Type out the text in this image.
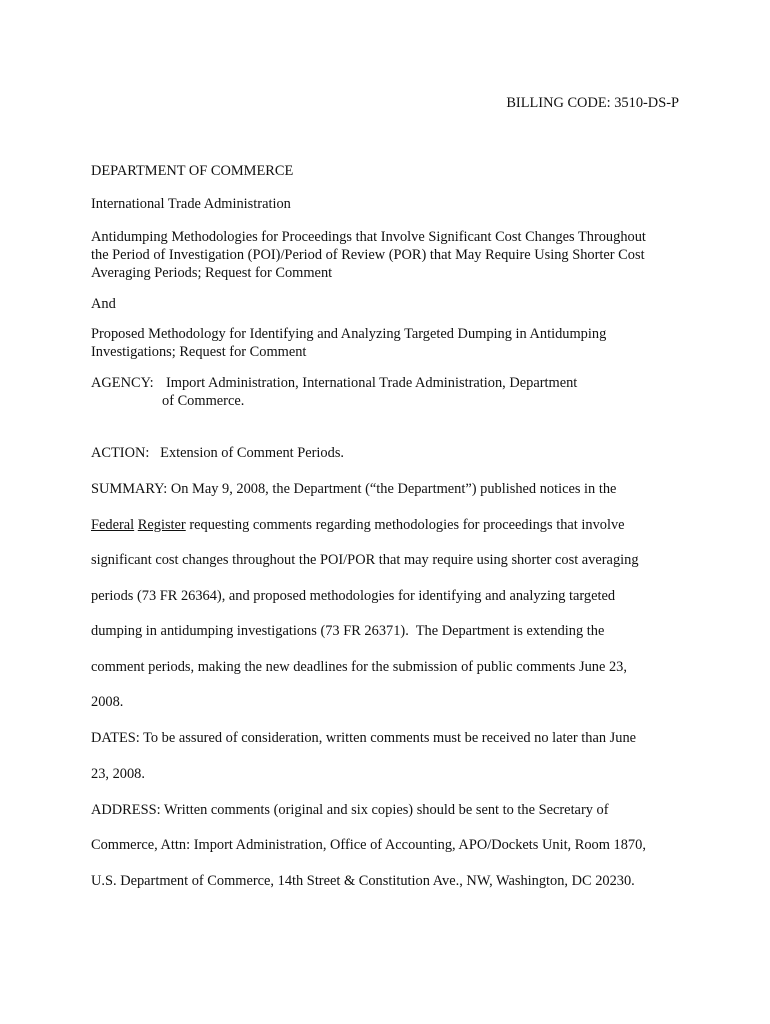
BILLING CODE: 3510-DS-P
DEPARTMENT OF COMMERCE
International Trade Administration
Antidumping Methodologies for Proceedings that Involve Significant Cost Changes Throughout
the Period of Investigation (POI)/Period of Review (POR) that May Require Using Shorter Cost
Averaging Periods; Request for Comment
And
Proposed Methodology for Identifying and Analyzing Targeted Dumping in Antidumping
Investigations; Request for Comment
AGENCY: Import Administration, International Trade Administration, Department
of Commerce.
ACTION:   Extension of Comment Periods.
SUMMARY: On May 9, 2008, the Department (“the Department”) published notices in the
Federal Register requesting comments regarding methodologies for proceedings that involve
significant cost changes throughout the POI/POR that may require using shorter cost averaging
periods (73 FR 26364), and proposed methodologies for identifying and analyzing targeted
dumping in antidumping investigations (73 FR 26371).  The Department is extending the
comment periods, making the new deadlines for the submission of public comments June 23,
2008.
DATES: To be assured of consideration, written comments must be received no later than June
23, 2008.
ADDRESS: Written comments (original and six copies) should be sent to the Secretary of
Commerce, Attn: Import Administration, Office of Accounting, APO/Dockets Unit, Room 1870,
U.S. Department of Commerce, 14th Street & Constitution Ave., NW, Washington, DC 20230.
